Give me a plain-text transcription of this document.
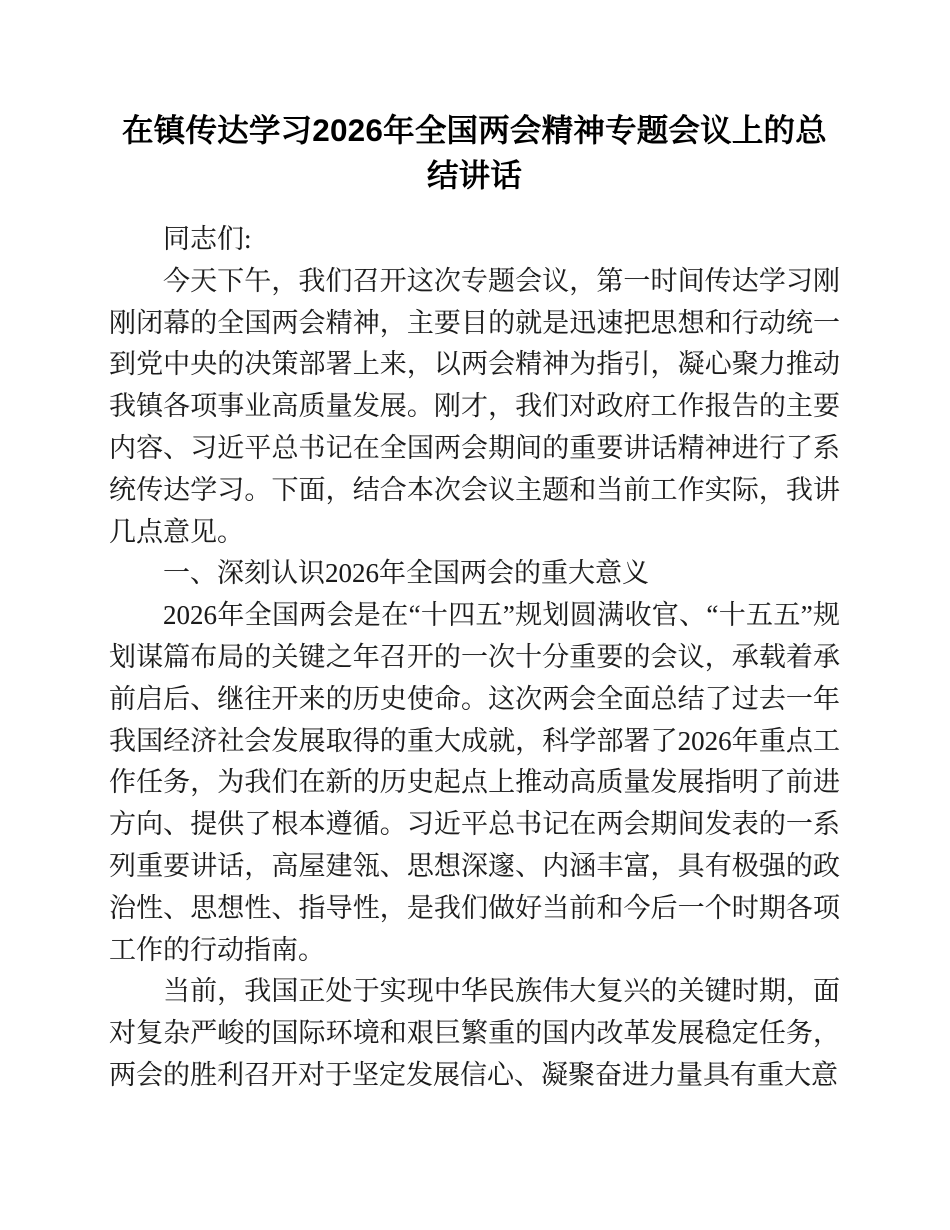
在镇传达学习2026年全国两会精神专题会议上的总结讲话

同志们:

今天下午，我们召开这次专题会议，第一时间传达学习刚刚闭幕的全国两会精神，主要目的就是迅速把思想和行动统一到党中央的决策部署上来，以两会精神为指引，凝心聚力推动我镇各项事业高质量发展。刚才，我们对政府工作报告的主要内容、习近平总书记在全国两会期间的重要讲话精神进行了系统传达学习。下面，结合本次会议主题和当前工作实际，我讲几点意见。

一、深刻认识2026年全国两会的重大意义

2026年全国两会是在“十四五”规划圆满收官、“十五五”规划谋篇布局的关键之年召开的一次十分重要的会议，承载着承前启后、继往开来的历史使命。这次两会全面总结了过去一年我国经济社会发展取得的重大成就，科学部署了2026年重点工作任务，为我们在新的历史起点上推动高质量发展指明了前进方向、提供了根本遵循。习近平总书记在两会期间发表的一系列重要讲话，高屋建瓴、思想深邃、内涵丰富，具有极强的政治性、思想性、指导性，是我们做好当前和今后一个时期各项工作的行动指南。

当前，我国正处于实现中华民族伟大复兴的关键时期，面对复杂严峻的国际环境和艰巨繁重的国内改革发展稳定任务，两会的胜利召开对于坚定发展信心、凝聚奋进力量具有重大意
